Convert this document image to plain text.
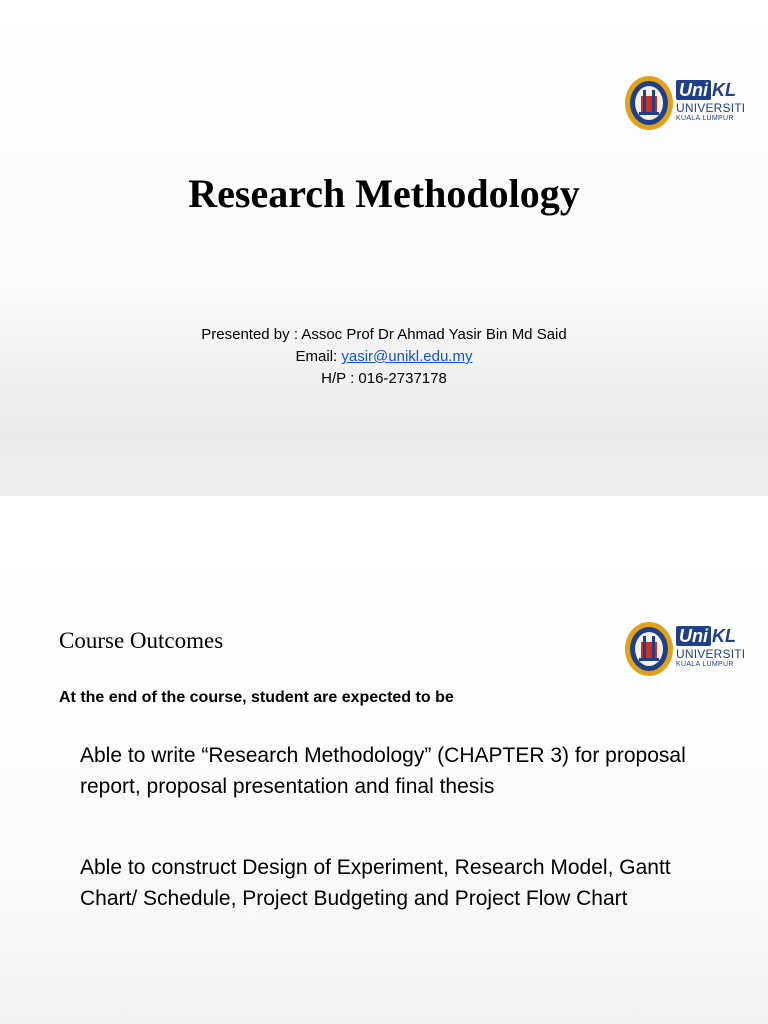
Uni KL
UNIVERSITI
KUALA LUMPUR
Research Methodology
Presented by : Assoc Prof Dr Ahmad Yasir Bin Md Said
Email: yasir@unikl.edu.my
H/P : 016-2737178
Uni KL
UNIVERSITI
KUALA LUMPUR
Course Outcomes

At the end of the course, student are expected to be

Able to write “Research Methodology” (CHAPTER 3) for proposal report, proposal presentation and final thesis

Able to construct Design of Experiment, Research Model, Gantt Chart/ Schedule, Project Budgeting and Project Flow Chart
